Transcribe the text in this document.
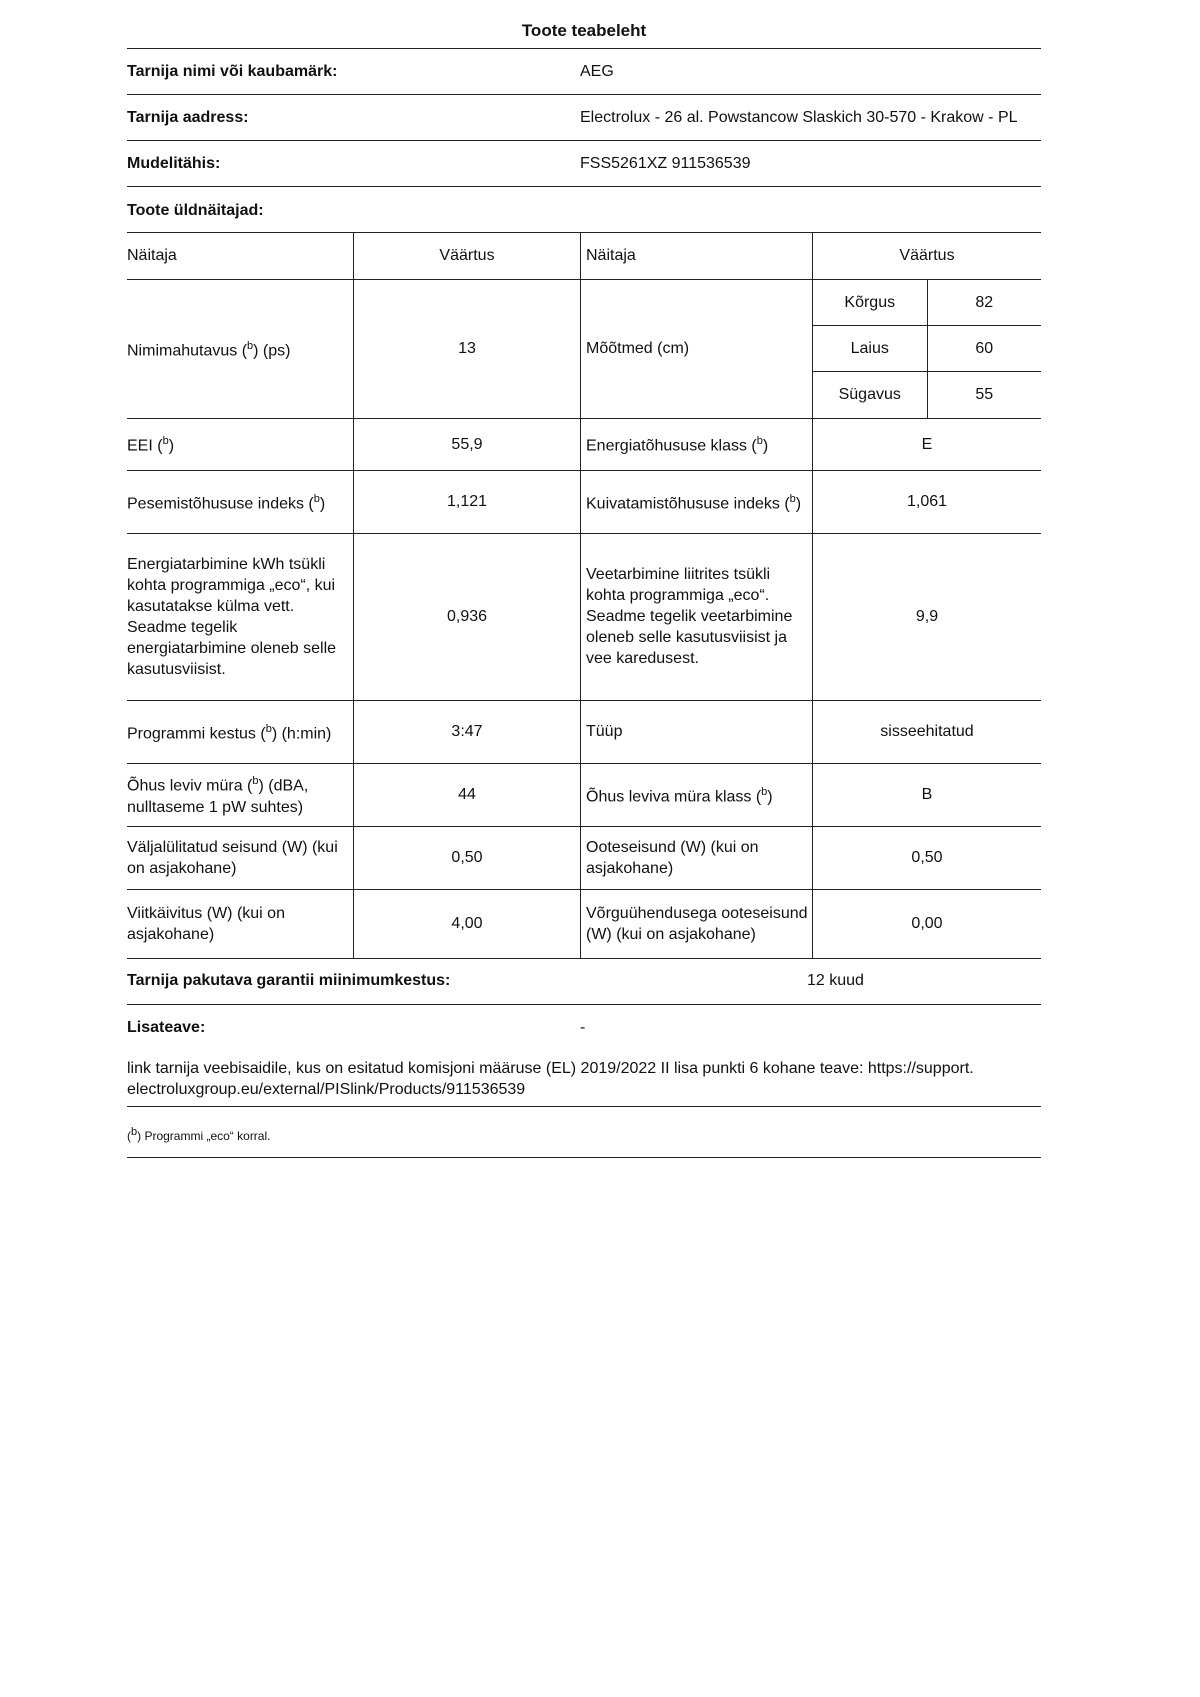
Toote teabeleht
Tarnija nimi või kaubamärk:	AEG
Tarnija aadress:	Electrolux - 26 al. Powstancow Slaskich 30-570 - Krakow - PL
Mudelitähis:	FSS5261XZ 911536539
Toote üldnäitajad:
Näitaja	Väärtus	Näitaja	Väärtus
Nimimahutavus ($^b$) (ps)	13	Mõõtmed (cm)	
Kõrgus	82
Laius	60
Sügavus	55

EEI ($^b$)	55,9	Energiatõhususe klass ($^b$)	E
Pesemistõhususe indeks ($^b$)	1,121	Kuivatamistõhususe indeks ($^b$)	1,061
Energiatarbimine kWh tsükli kohta programmiga „eco“, kui kasutatakse külma vett. Seadme tegelik energiatarbimine oleneb selle kasutusviisist.	0,936	Veetarbimine liitrites tsükli kohta programmiga „eco“. Seadme tegelik veetarbimine oleneb selle kasutusviisist ja vee karedusest.	9,9
Programmi kestus ($^b$) (h:min)	3:47	Tüüp	sisseehitatud
Õhus leviv müra ($^b$) (dBA, nulltaseme 1 pW suhtes)	44	Õhus leviva müra klass ($^b$)	B
Väljalülitatud seisund (W) (kui on asjakohane)	0,50	Ooteseisund (W) (kui on asjakohane)	0,50
Viitkäivitus (W) (kui on asjakohane)	4,00	Võrguühendusega ooteseisund (W) (kui on asjakohane)	0,00
Tarnija pakutava garantii miinimumkestus:	12 kuud
Lisateave:	-
link tarnija veebisaidile, kus on esitatud komisjoni määruse (EL) 2019/2022 II lisa punkti 6 kohane teave: https://support. electroluxgroup.eu/external/PISlink/Products/911536539
($^b$) Programmi „eco“ korral.
